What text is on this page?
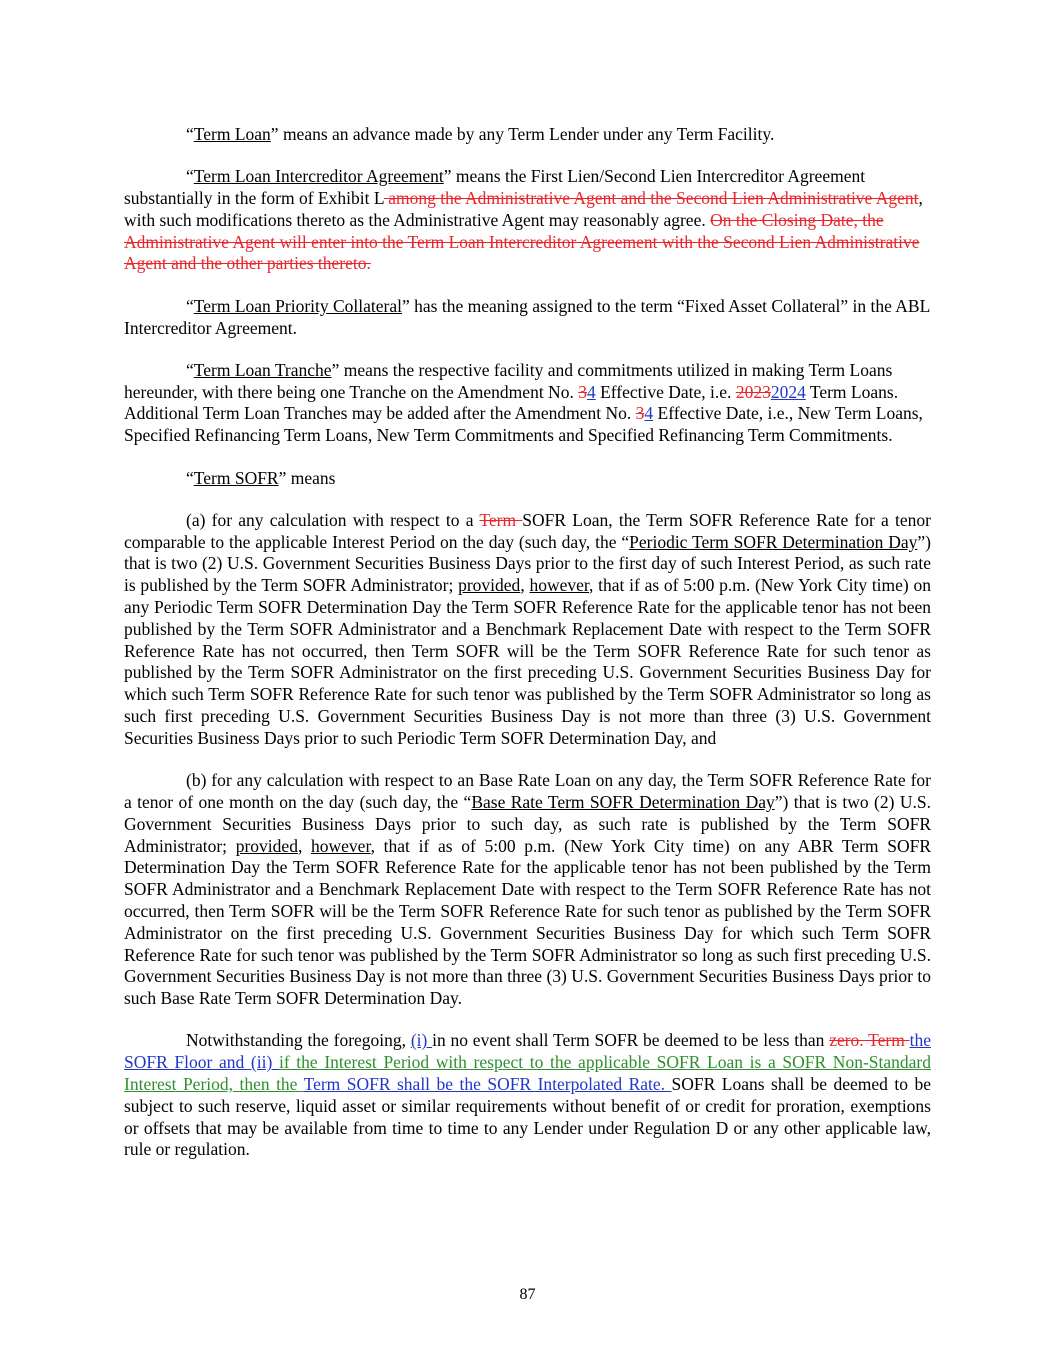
“Term Loan” means an advance made by any Term Lender under any Term Facility.

“Term Loan Intercreditor Agreement” means the First Lien/Second Lien Intercreditor Agreement substantially in the form of Exhibit L among the Administrative Agent and the Second Lien Administrative Agent, with such modifications thereto as the Administrative Agent may reasonably agree. On the Closing Date, the Administrative Agent will enter into the Term Loan Intercreditor Agreement with the Second Lien Administrative Agent and the other parties thereto.

“Term Loan Priority Collateral” has the meaning assigned to the term “Fixed Asset Collateral” in the ABL Intercreditor Agreement.

“Term Loan Tranche” means the respective facility and commitments utilized in making Term Loans hereunder, with there being one Tranche on the Amendment No. 34 Effective Date, i.e. 20232024 Term Loans. Additional Term Loan Tranches may be added after the Amendment No. 34 Effective Date, i.e., New Term Loans, Specified Refinancing Term Loans, New Term Commitments and Specified Refinancing Term Commitments.

“Term SOFR” means

(a) for any calculation with respect to a Term SOFR Loan, the Term SOFR Reference Rate for a tenor comparable to the applicable Interest Period on the day (such day, the “Periodic Term SOFR Determination Day”) that is two (2) U.S. Government Securities Business Days prior to the first day of such Interest Period, as such rate is published by the Term SOFR Administrator; provided, however, that if as of 5:00 p.m. (New York City time) on any Periodic Term SOFR Determination Day the Term SOFR Reference Rate for the applicable tenor has not been published by the Term SOFR Administrator and a Benchmark Replacement Date with respect to the Term SOFR Reference Rate has not occurred, then Term SOFR will be the Term SOFR Reference Rate for such tenor as published by the Term SOFR Administrator on the first preceding U.S. Government Securities Business Day for which such Term SOFR Reference Rate for such tenor was published by the Term SOFR Administrator so long as such first preceding U.S. Government Securities Business Day is not more than three (3) U.S. Government Securities Business Days prior to such Periodic Term SOFR Determination Day, and

(b) for any calculation with respect to an Base Rate Loan on any day, the Term SOFR Reference Rate for a tenor of one month on the day (such day, the “Base Rate Term SOFR Determination Day”) that is two (2) U.S. Government Securities Business Days prior to such day, as such rate is published by the Term SOFR Administrator; provided, however, that if as of 5:00 p.m. (New York City time) on any ABR Term SOFR Determination Day the Term SOFR Reference Rate for the applicable tenor has not been published by the Term SOFR Administrator and a Benchmark Replacement Date with respect to the Term SOFR Reference Rate has not occurred, then Term SOFR will be the Term SOFR Reference Rate for such tenor as published by the Term SOFR Administrator on the first preceding U.S. Government Securities Business Day for which such Term SOFR Reference Rate for such tenor was published by the Term SOFR Administrator so long as such first preceding U.S. Government Securities Business Day is not more than three (3) U.S. Government Securities Business Days prior to such Base Rate Term SOFR Determination Day.

Notwithstanding the foregoing, (i) in no event shall Term SOFR be deemed to be less than zero. Term the SOFR Floor and (ii) if the Interest Period with respect to the applicable SOFR Loan is a SOFR Non-Standard Interest Period, then the Term SOFR shall be the SOFR Interpolated Rate. SOFR Loans shall be deemed to be subject to such reserve, liquid asset or similar requirements without benefit of or credit for proration, exemptions or offsets that may be available from time to time to any Lender under Regulation D or any other applicable law, rule or regulation.

87
